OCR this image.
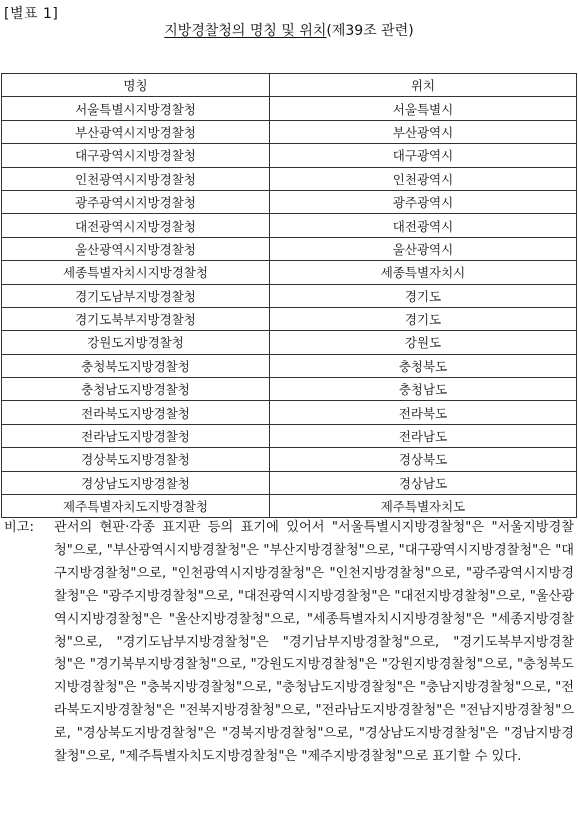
[별표 1]
지방경찰청의 명칭 및 위치(제39조 관련)
명칭	위치
서울특별시지방경찰청	서울특별시
부산광역시지방경찰청	부산광역시
대구광역시지방경찰청	대구광역시
인천광역시지방경찰청	인천광역시
광주광역시지방경찰청	광주광역시
대전광역시지방경찰청	대전광역시
울산광역시지방경찰청	울산광역시
세종특별자치시지방경찰청	세종특별자치시
경기도남부지방경찰청	경기도
경기도북부지방경찰청	경기도
강원도지방경찰청	강원도
충청북도지방경찰청	충청북도
충청남도지방경찰청	충청남도
전라북도지방경찰청	전라북도
전라남도지방경찰청	전라남도
경상북도지방경찰청	경상북도
경상남도지방경찰청	경상남도
제주특별자치도지방경찰청	제주특별자치도
비고:	관서의 현판·각종 표지판 등의 표기에 있어서 "서울특별시지방경찰청"은 "서울지방경찰청"으로, "부산광역시지방경찰청"은 "부산지방경찰청"으로, "대구광역시지방경찰청"은 "대구지방경찰청"으로, "인천광역시지방경찰청"은 "인천지방경찰청"으로, "광주광역시지방경찰청"은 "광주지방경찰청"으로, "대전광역시지방경찰청"은 "대전지방경찰청"으로, "울산광역시지방경찰청"은 "울산지방경찰청"으로, "세종특별자치시지방경찰청"은 "세종지방경찰청"으로, "경기도남부지방경찰청"은 "경기남부지방경찰청"으로, "경기도북부지방경찰청"은 "경기북부지방경찰청"으로, "강원도지방경찰청"은 "강원지방경찰청"으로, "충청북도지방경찰청"은 "충북지방경찰청"으로, "충청남도지방경찰청"은 "충남지방경찰청"으로, "전라북도지방경찰청"은 "전북지방경찰청"으로, "전라남도지방경찰청"은 "전남지방경찰청"으로, "경상북도지방경찰청"은 "경북지방경찰청"으로, "경상남도지방경찰청"은 "경남지방경찰청"으로, "제주특별자치도지방경찰청"은 "제주지방경찰청"으로 표기할 수 있다.
